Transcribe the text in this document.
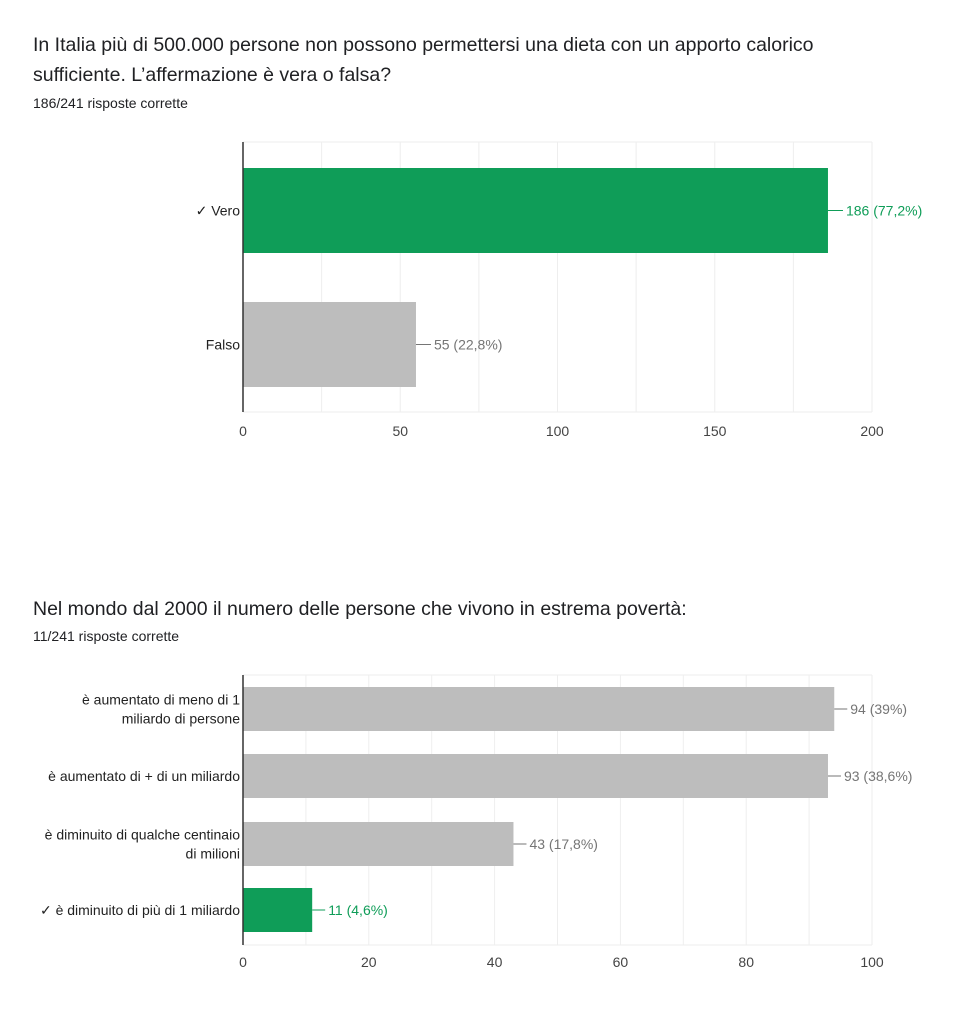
In Italia più di 500.000 persone non possono permettersi una dieta con un apporto calorico
sufficiente. L’affermazione è vera o falsa?
186/241 risposte corrette
186 (77,2%)
✓ Vero
55 (22,8%)
Falso
0	50	100	150	200
Nel mondo dal 2000 il numero delle persone che vivono in estrema povertà:
11/241 risposte corrette
94 (39%)
è aumentato di meno di 1
miliardo di persone
93 (38,6%)
è aumentato di + di un miliardo
43 (17,8%)
è diminuito di qualche centinaio
di milioni
11 (4,6%)
✓ è diminuito di più di 1 miliardo
0	20	40	60	80	100
